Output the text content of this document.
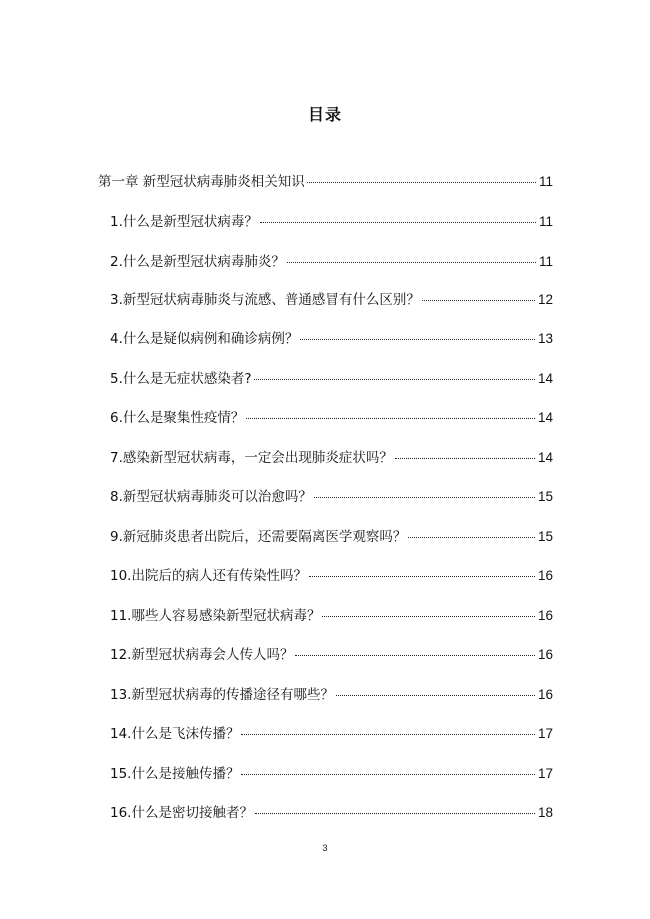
目录
第一章 新型冠状病毒肺炎相关知识	11
1.什么是新型冠状病毒？	11
2.什么是新型冠状病毒肺炎？	11
3.新型冠状病毒肺炎与流感、普通感冒有什么区别？	12
4.什么是疑似病例和确诊病例？	13
5.什么是无症状感染者?	14
6.什么是聚集性疫情？	14
7.感染新型冠状病毒，一定会出现肺炎症状吗？	14
8.新型冠状病毒肺炎可以治愈吗？	15
9.新冠肺炎患者出院后，还需要隔离医学观察吗？	15
10.出院后的病人还有传染性吗？	16
11.哪些人容易感染新型冠状病毒？	16
12.新型冠状病毒会人传人吗？	16
13.新型冠状病毒的传播途径有哪些？	16
14.什么是飞沫传播？	17
15.什么是接触传播？	17
16.什么是密切接触者？	18
3
